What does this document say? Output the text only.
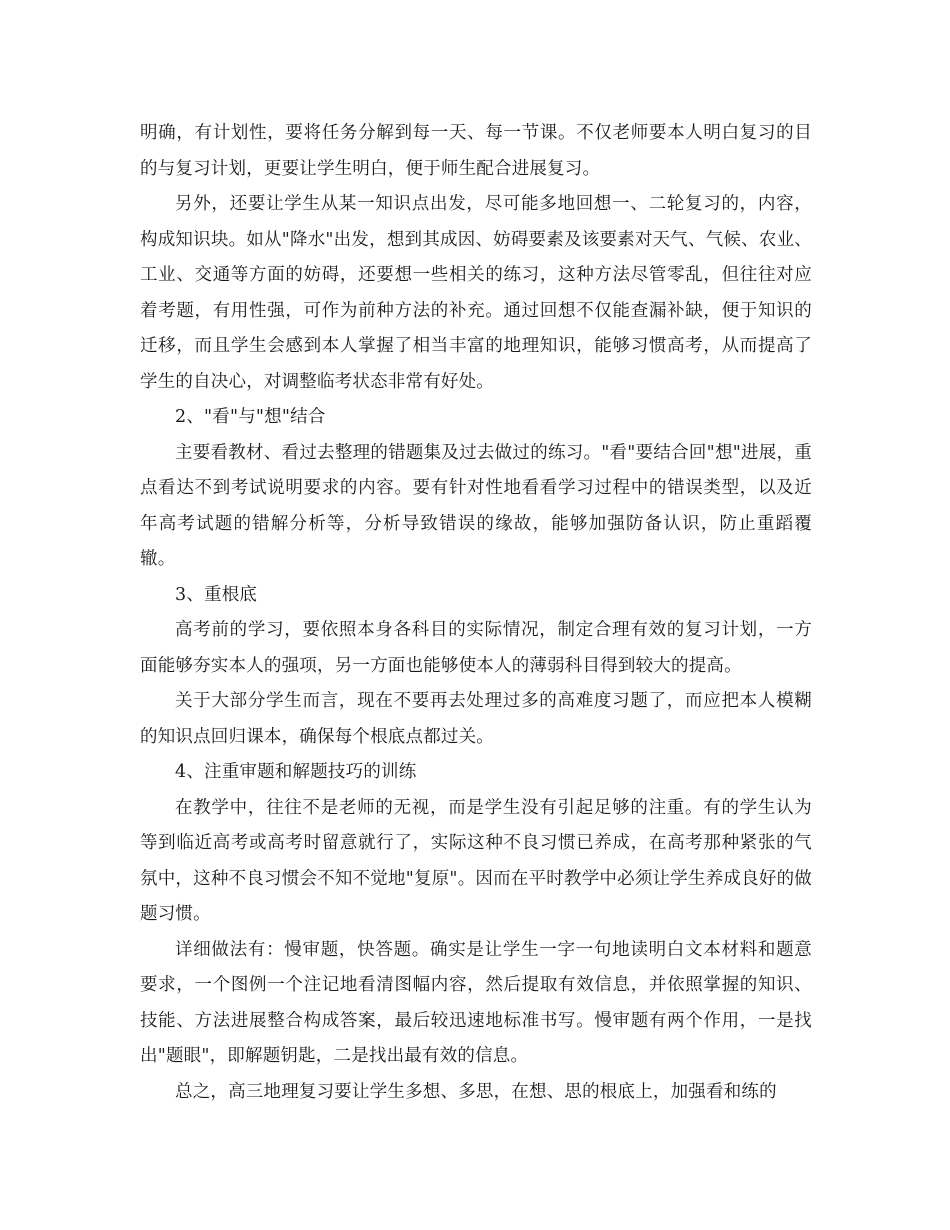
明确，有计划性，要将任务分解到每一天、每一节课。不仅老师要本人明白复习的目的与复习计划，更要让学生明白，便于师生配合进展复习。

另外，还要让学生从某一知识点出发，尽可能多地回想一、二轮复习的，内容，构成知识块。如从"降水"出发，想到其成因、妨碍要素及该要素对天气、气候、农业、工业、交通等方面的妨碍，还要想一些相关的练习，这种方法尽管零乱，但往往对应着考题，有用性强，可作为前种方法的补充。通过回想不仅能查漏补缺，便于知识的迁移，而且学生会感到本人掌握了相当丰富的地理知识，能够习惯高考，从而提高了学生的自决心，对调整临考状态非常有好处。

2、"看"与"想"结合

主要看教材、看过去整理的错题集及过去做过的练习。"看"要结合回"想"进展，重点看达不到考试说明要求的内容。要有针对性地看看学习过程中的错误类型，以及近年高考试题的错解分析等，分析导致错误的缘故，能够加强防备认识，防止重蹈覆辙。

3、重根底

高考前的学习，要依照本身各科目的实际情况，制定合理有效的复习计划，一方面能够夯实本人的强项，另一方面也能够使本人的薄弱科目得到较大的提高。

关于大部分学生而言，现在不要再去处理过多的高难度习题了，而应把本人模糊的知识点回归课本，确保每个根底点都过关。

4、注重审题和解题技巧的训练

在教学中，往往不是老师的无视，而是学生没有引起足够的注重。有的学生认为等到临近高考或高考时留意就行了，实际这种不良习惯已养成，在高考那种紧张的气氛中，这种不良习惯会不知不觉地"复原"。因而在平时教学中必须让学生养成良好的做题习惯。

详细做法有：慢审题，快答题。确实是让学生一字一句地读明白文本材料和题意要求，一个图例一个注记地看清图幅内容，然后提取有效信息，并依照掌握的知识、技能、方法进展整合构成答案，最后较迅速地标准书写。慢审题有两个作用，一是找出"题眼"，即解题钥匙，二是找出最有效的信息。

总之，高三地理复习要让学生多想、多思，在想、思的根底上，加强看和练的
